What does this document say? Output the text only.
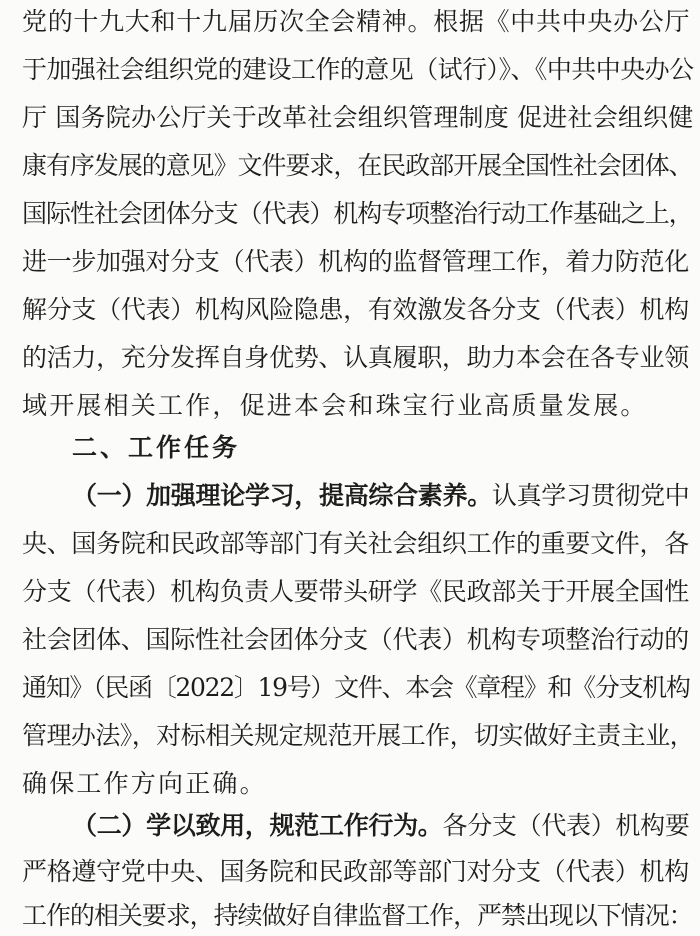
党的十九大和十九届历次全会精神。根据《中共中央办公厅
于加强社会组织党的建设工作的意见（试行）》、《中共中央办公
厅 国务院办公厅关于改革社会组织管理制度 促进社会组织健
康有序发展的意见》文件要求，在民政部开展全国性社会团体、
国际性社会团体分支（代表）机构专项整治行动工作基础之上，
进一步加强对分支（代表）机构的监督管理工作，着力防范化
解分支（代表）机构风险隐患，有效激发各分支（代表）机构
的活力，充分发挥自身优势、认真履职，助力本会在各专业领
域开展相关工作，促进本会和珠宝行业高质量发展。
二、工作任务
（一）加强理论学习，提高综合素养。认真学习贯彻党中
央、国务院和民政部等部门有关社会组织工作的重要文件，各
分支（代表）机构负责人要带头研学《民政部关于开展全国性
社会团体、国际性社会团体分支（代表）机构专项整治行动的
通知》（民函〔2022〕19号）文件、本会《章程》和《分支机构
管理办法》，对标相关规定规范开展工作，切实做好主责主业，
确保工作方向正确。
（二）学以致用，规范工作行为。各分支（代表）机构要
严格遵守党中央、国务院和民政部等部门对分支（代表）机构
工作的相关要求，持续做好自律监督工作，严禁出现以下情况：
